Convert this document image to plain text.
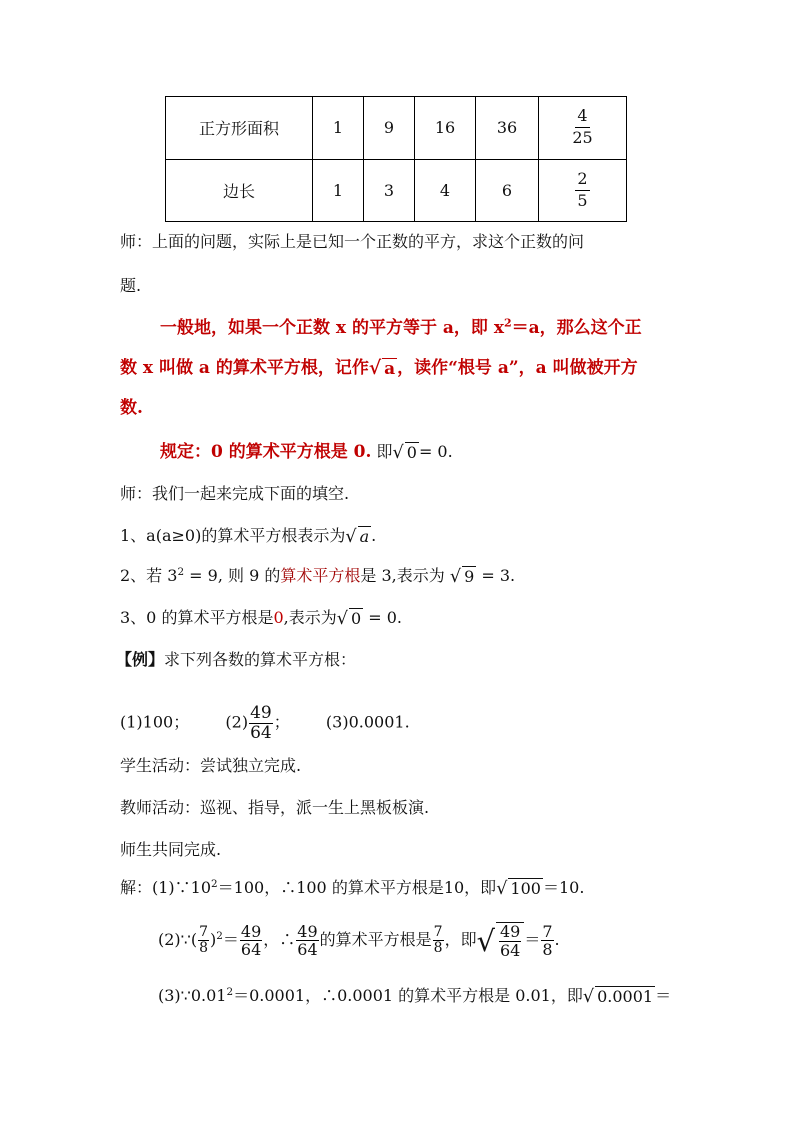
正方形面积	1	9	16	36	$\frac{4}{25}$

边长	1	3	4	6	$\frac{2}{5}$
师：上面的问题，实际上是已知一个正数的平方，求这个正数的问
题.
一般地，如果一个正数 x 的平方等于 a，即 $x^2=a$，那么这个正
数 x 叫做 a 的算术平方根，记作√ a ，读作“根号 a”，a 叫做被开方
数.
规定：0 的算术平方根是 0. 即√ 0 = 0.
师：我们一起来完成下面的填空.
1、a(a≥0)的算术平方根表示为√ a .
2、若 $3^2 = 9$, 则 9 的算术平方根是 3,表示为 √ 9 = 3.
3、0 的算术平方根是0,表示为√ 0 = 0.
【例】求下列各数的算术平方根：
(1)100； $(2) \frac{49}{64}$ ； (3)0.0001.
学生活动：尝试独立完成.
教师活动：巡视、指导，派一生上黑板板演.
师生共同完成.
解：$(1)\because 10^2=100$，∴100 的算术平方根是10，即√ 100 ＝10.
(2)∵( $\frac{7}{8} )^2= \frac{49}{64}$ ，∴ $\frac{49}{64}$ 的算术平方根是 $\frac{7}{8}$ ，即√ $\frac{49}{64} = \frac{7}{8}$ .
$(3)\because 0.01^2=0.0001$，∴0.0001 的算术平方根是 0.01，即√ 0.0001 ＝
